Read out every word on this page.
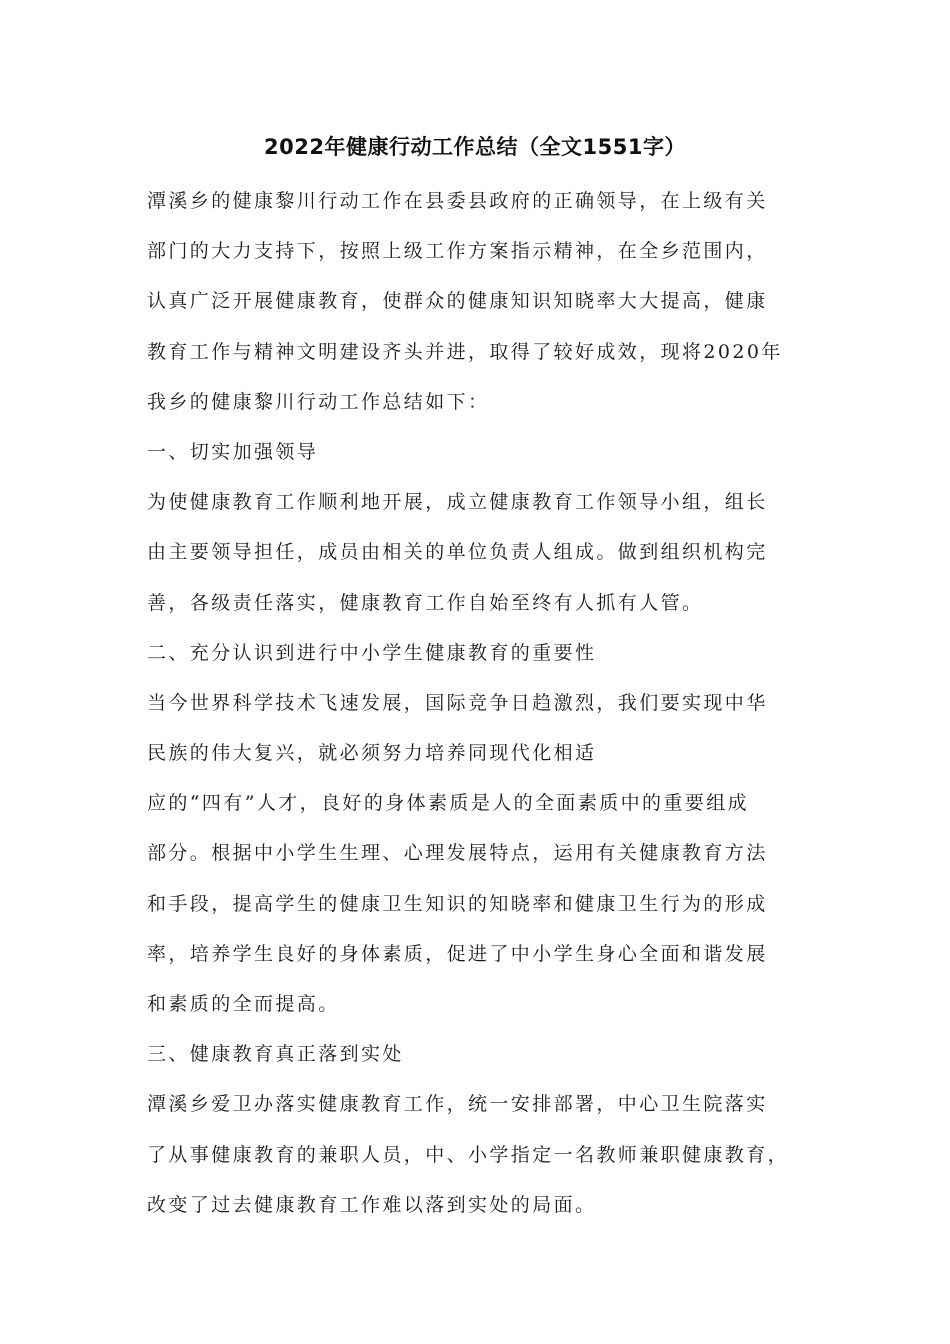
2022年健康行动工作总结（全文1551字）

潭溪乡的健康黎川行动工作在县委县政府的正确领导，在上级有关

部门的大力支持下，按照上级工作方案指示精神，在全乡范围内，

认真广泛开展健康教育，使群众的健康知识知晓率大大提高，健康

教育工作与精神文明建设齐头并进，取得了较好成效，现将2020年

我乡的健康黎川行动工作总结如下：

一、切实加强领导

为使健康教育工作顺利地开展，成立健康教育工作领导小组，组长

由主要领导担任，成员由相关的单位负责人组成。做到组织机构完

善，各级责任落实，健康教育工作自始至终有人抓有人管。

二、充分认识到进行中小学生健康教育的重要性

当今世界科学技术飞速发展，国际竞争日趋激烈，我们要实现中华

民族的伟大复兴，就必须努力培养同现代化相适

应的“四有”人才，良好的身体素质是人的全面素质中的重要组成

部分。根据中小学生生理、心理发展特点，运用有关健康教育方法

和手段，提高学生的健康卫生知识的知晓率和健康卫生行为的形成

率，培养学生良好的身体素质，促进了中小学生身心全面和谐发展

和素质的全而提高。

三、健康教育真正落到实处

潭溪乡爱卫办落实健康教育工作，统一安排部署，中心卫生院落实

了从事健康教育的兼职人员，中、小学指定一名教师兼职健康教育，

改变了过去健康教育工作难以落到实处的局面。
